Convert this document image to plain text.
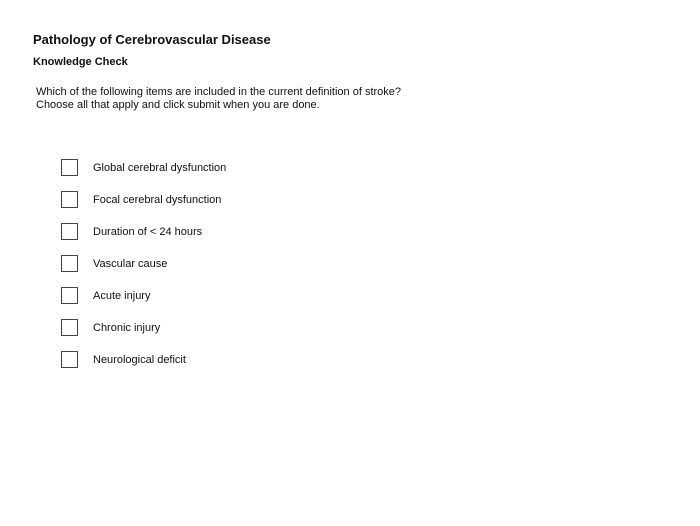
Pathology of Cerebrovascular Disease
Knowledge Check
Which of the following items are included in the current definition of stroke?
Choose all that apply and click submit when you are done.
Global cerebral dysfunction
Focal cerebral dysfunction
Duration of < 24 hours
Vascular cause
Acute injury
Chronic injury
Neurological deficit
